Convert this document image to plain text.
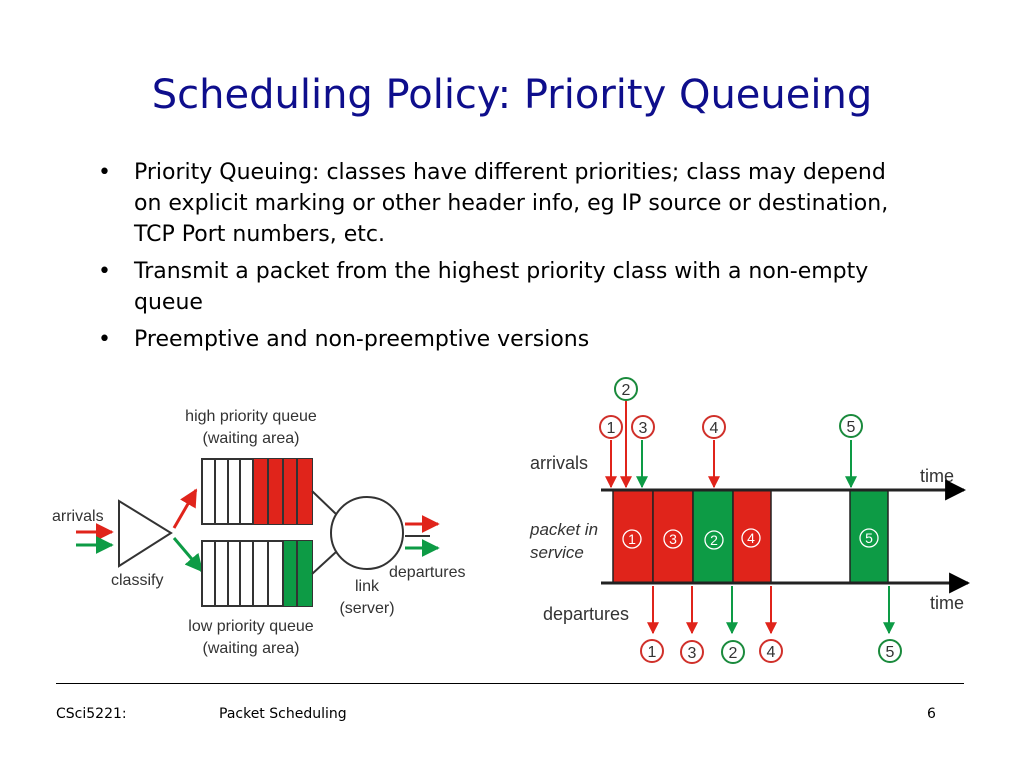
Scheduling Policy: Priority Queueing
• Priority Queuing: classes have different priorities; class may depend on explicit marking or other header info, eg IP source or destination, TCP Port numbers, etc.
• Transmit a packet from the highest priority class with a non-empty queue
• Preemptive and non-preemptive versions
arrivals
classify
high priority queue
(waiting area)
low priority queue
(waiting area)
link
(server)
departures
arrivals
packet in
service
departures
time
time
1 3 2 4	5
1
2
3	4	5
1 3 2 4	5
CSci5221:	Packet Scheduling	6
